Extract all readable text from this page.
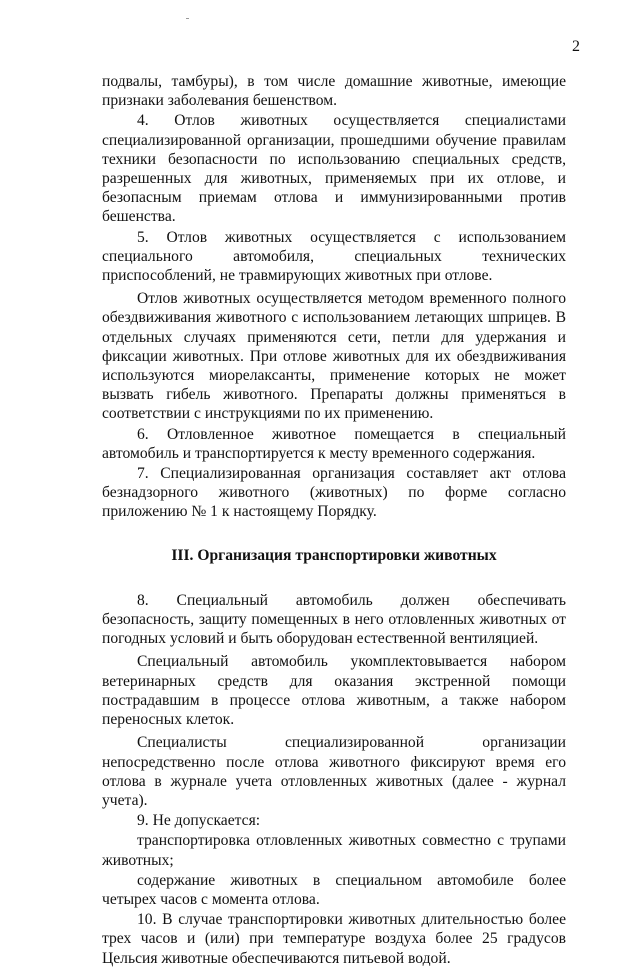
2

подвалы, тамбуры), в том числе домашние животные, имеющие признаки заболевания бешенством.

4. Отлов животных осуществляется специалистами специализированной организации, прошедшими обучение правилам техники безопасности по использованию специальных средств, разрешенных для животных, применяемых при их отлове, и безопасным приемам отлова и иммунизированными против бешенства.

5. Отлов животных осуществляется с использованием специального автомобиля, специальных технических приспособлений, не травмирующих животных при отлове.

Отлов животных осуществляется методом временного полного обездвиживания животного с использованием летающих шприцев. В отдельных случаях применяются сети, петли для удержания и фиксации животных. При отлове животных для их обездвиживания используются миорелаксанты, применение которых не может вызвать гибель животного. Препараты должны применяться в соответствии с инструкциями по их применению.

6. Отловленное животное помещается в специальный автомобиль и транспортируется к месту временного содержания.

7. Специализированная организация составляет акт отлова безнадзорного животного (животных) по форме согласно приложению № 1 к настоящему Порядку.

III. Организация транспортировки животных

8. Специальный автомобиль должен обеспечивать безопасность, защиту помещенных в него отловленных животных от погодных условий и быть оборудован естественной вентиляцией.

Специальный автомобиль укомплектовывается набором ветеринарных средств для оказания экстренной помощи пострадавшим в процессе отлова животным, а также набором переносных клеток.

Специалисты специализированной организации непосредственно после отлова животного фиксируют время его отлова в журнале учета отловленных животных (далее - журнал учета).

9. Не допускается:

транспортировка отловленных животных совместно с трупами животных;

содержание животных в специальном автомобиле более четырех часов с момента отлова.

10. В случае транспортировки животных длительностью более трех часов и (или) при температуре воздуха более 25 градусов Цельсия животные обеспечиваются питьевой водой.
